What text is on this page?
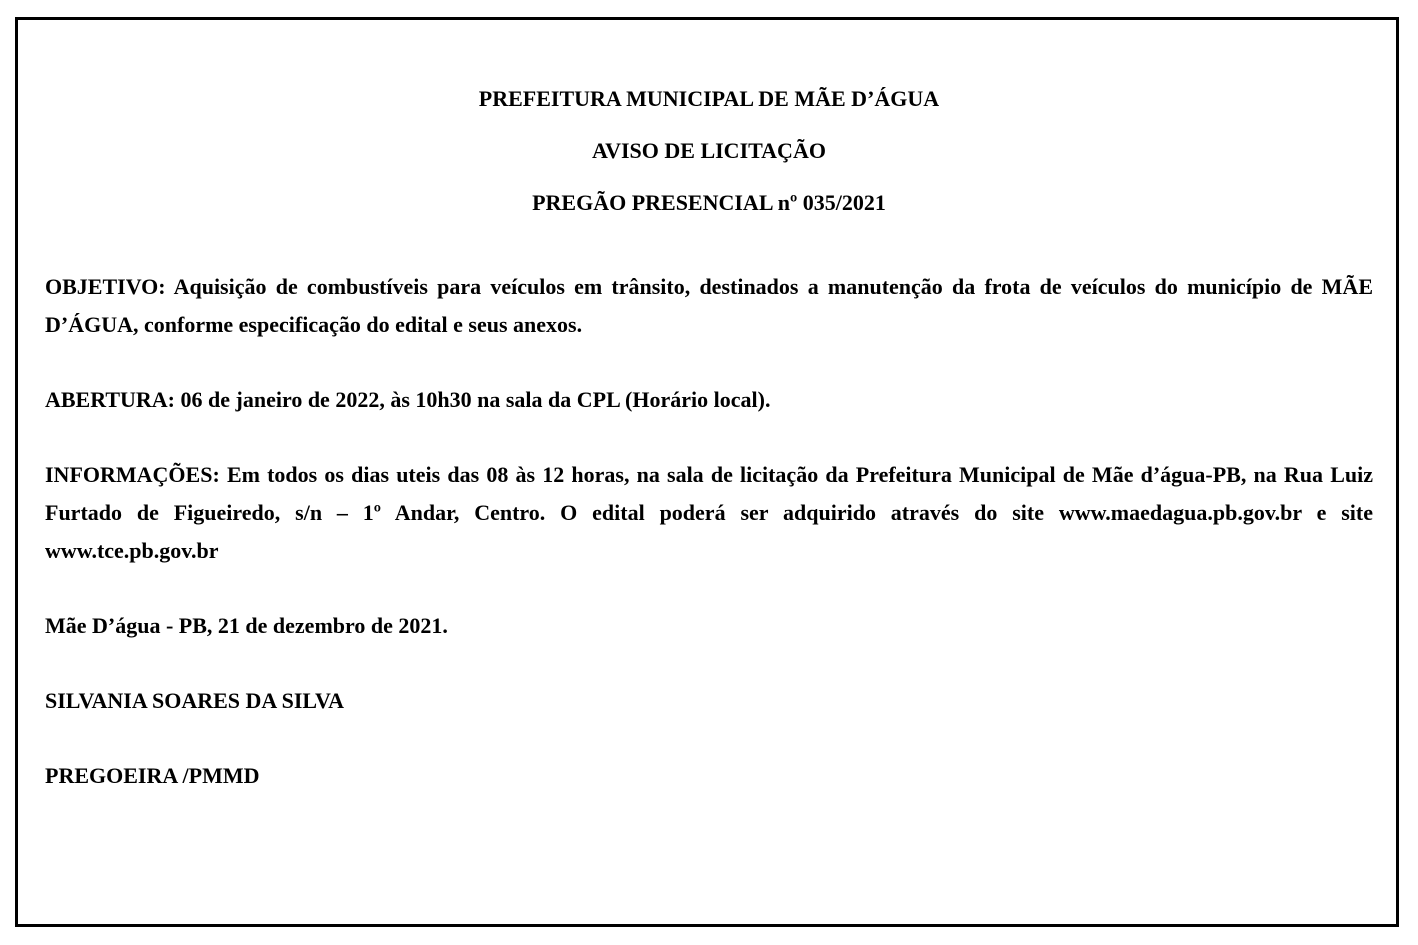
PREFEITURA MUNICIPAL DE MÃE D’ÁGUA

AVISO DE LICITAÇÃO

PREGÃO PRESENCIAL nº 035/2021

OBJETIVO: Aquisição de combustíveis para veículos em trânsito, destinados a manutenção da frota de veículos do município de MÃE D’ÁGUA, conforme especificação do edital e seus anexos.

ABERTURA: 06 de janeiro de 2022, às 10h30 na sala da CPL (Horário local).

INFORMAÇÕES: Em todos os dias uteis das 08 às 12 horas, na sala de licitação da Prefeitura Municipal de Mãe d’água-PB, na Rua Luiz Furtado de Figueiredo, s/n – 1º Andar, Centro. O edital poderá ser adquirido através do site www.maedagua.pb.gov.br e site www.tce.pb.gov.br

Mãe D’água - PB, 21 de dezembro de 2021.

SILVANIA SOARES DA SILVA

PREGOEIRA /PMMD
